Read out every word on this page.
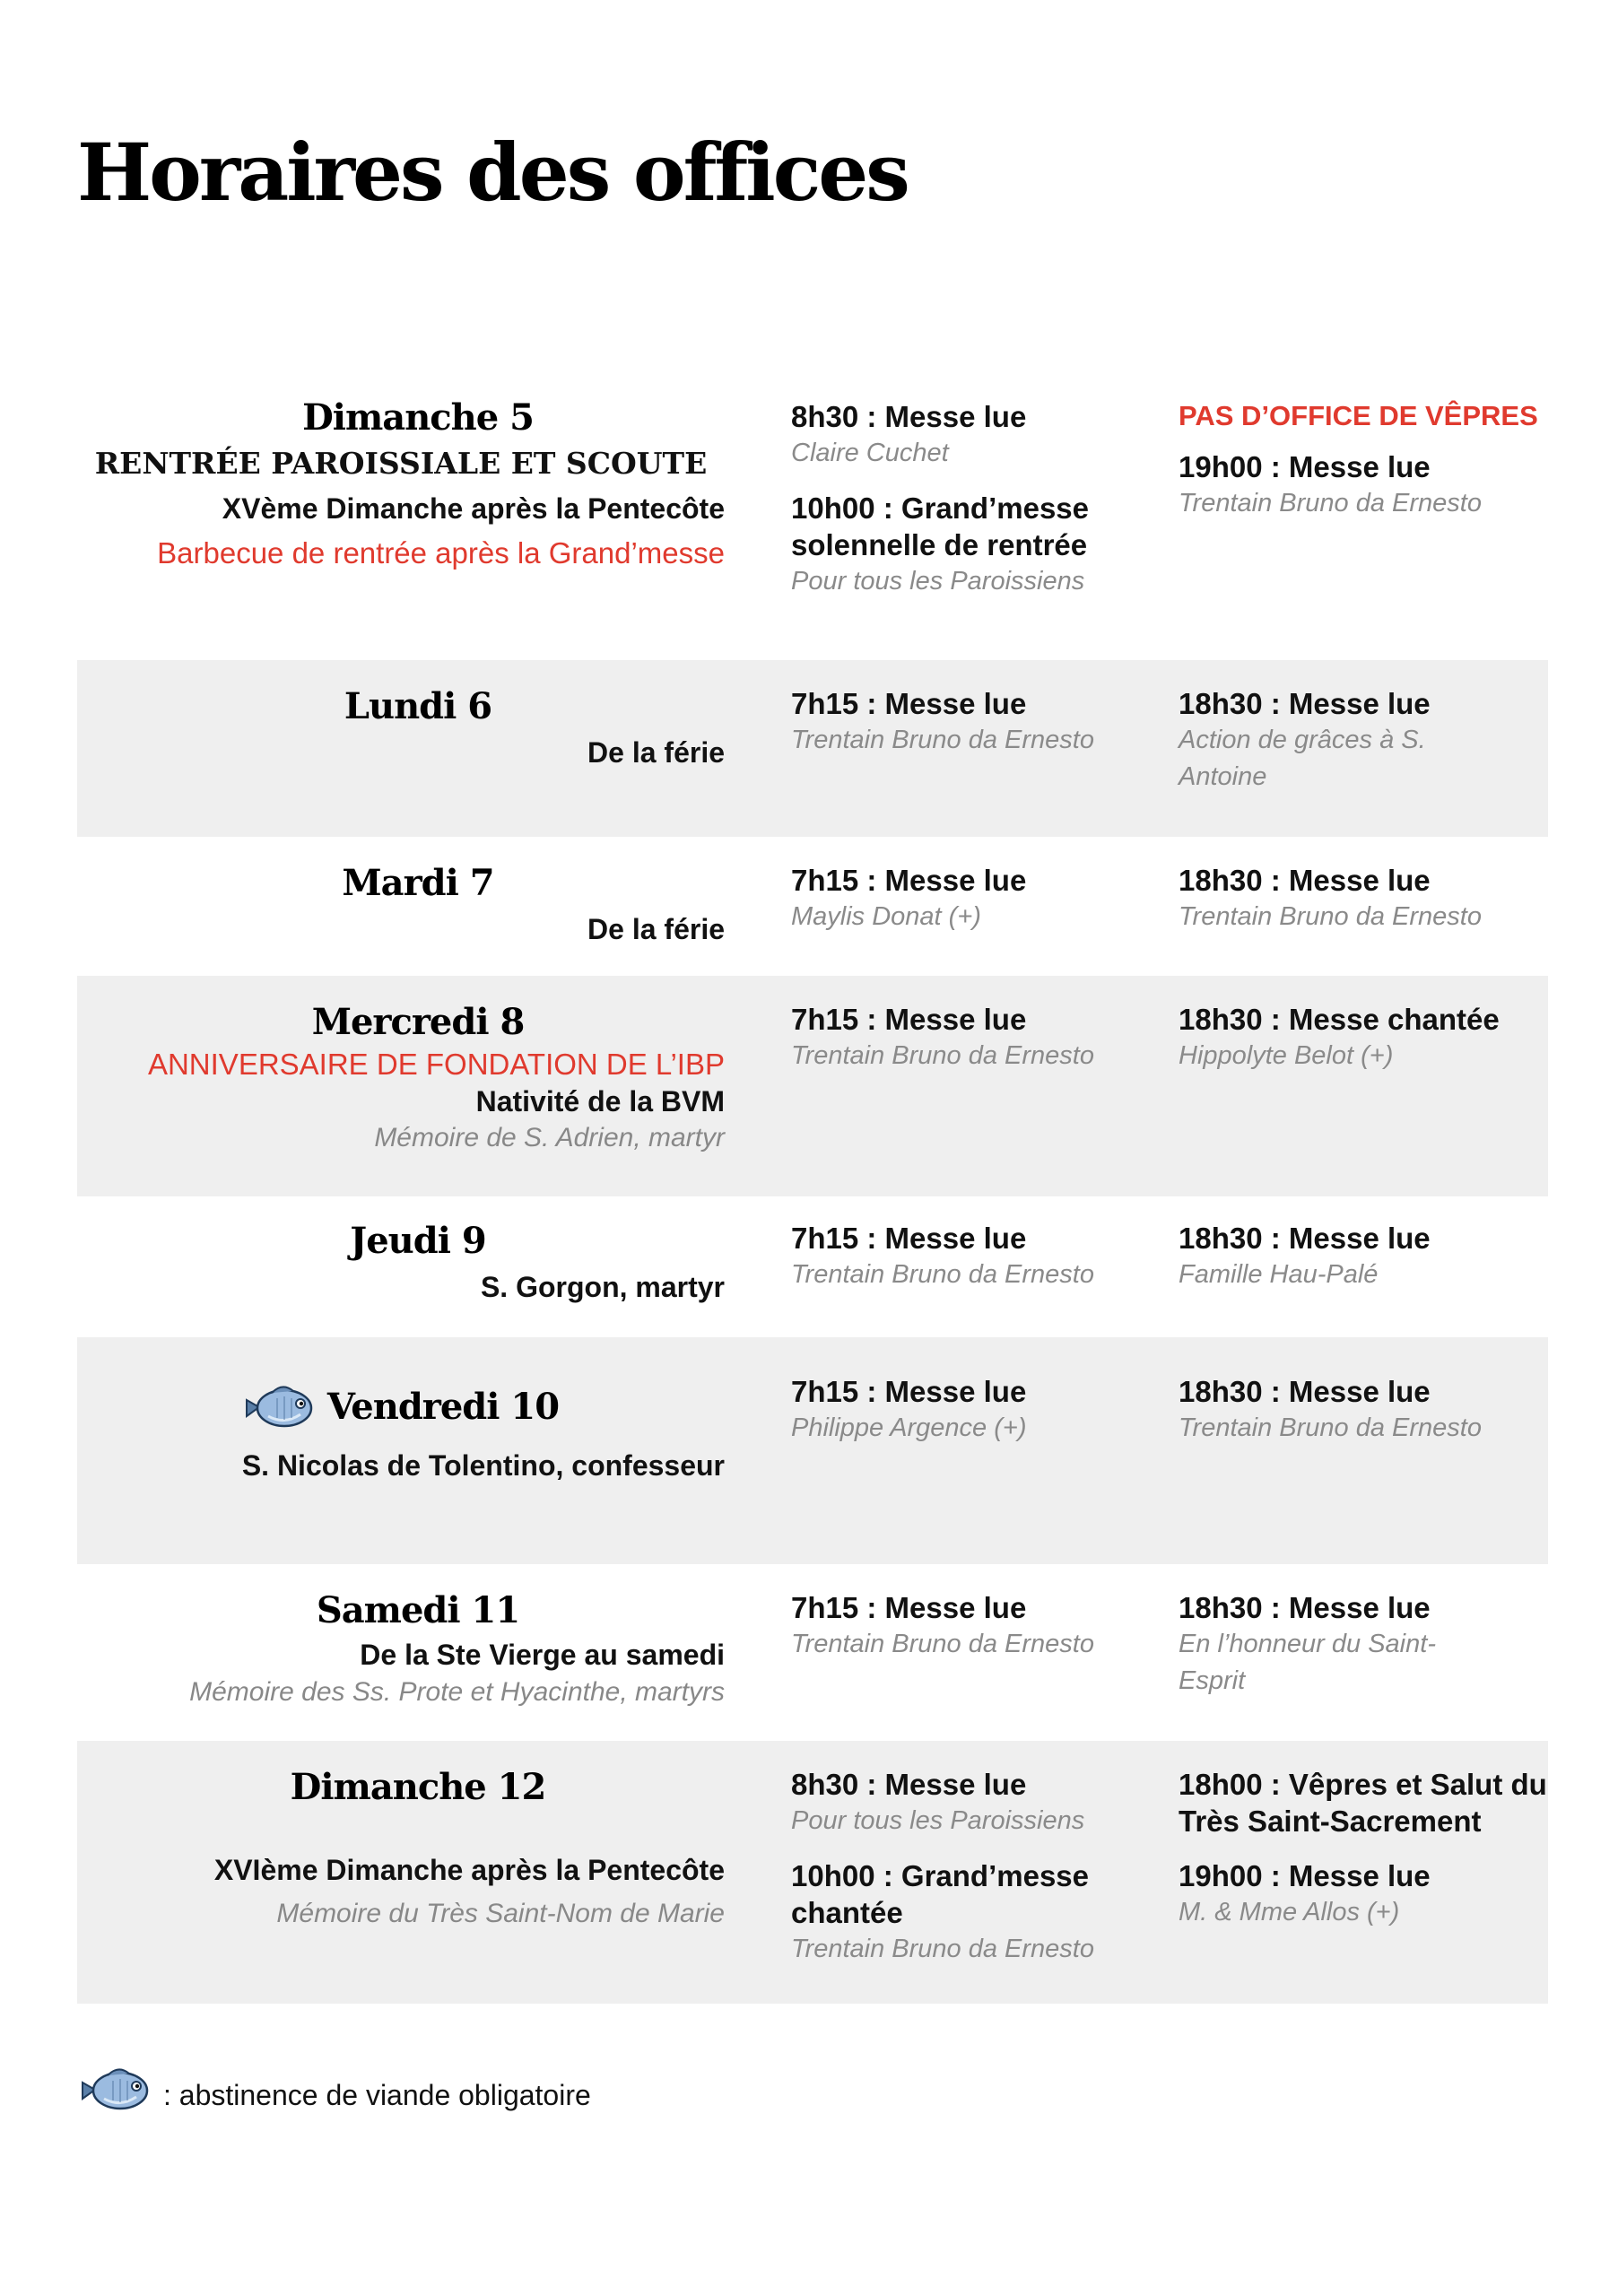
Horaires des offices
Dimanche 5
RENTRÉE PAROISSIALE ET SCOUTE
XVème Dimanche après la Pentecôte
Barbecue de rentrée après la Grand’messe
8h30 : Messe lue
Claire Cuchet
10h00 : Grand’messe
solennelle de rentrée
Pour tous les Paroissiens
PAS D’OFFICE DE VÊPRES
19h00 : Messe lue
Trentain Bruno da Ernesto
Lundi 6
De la férie
7h15 : Messe lue
Trentain Bruno da Ernesto
18h30 : Messe lue
Action de grâces à S.
Antoine
Mardi 7
De la férie
7h15 : Messe lue
Maylis Donat (+)
18h30 : Messe lue
Trentain Bruno da Ernesto
Mercredi 8
ANNIVERSAIRE DE FONDATION DE L’IBP
Nativité de la BVM
Mémoire de S. Adrien, martyr
7h15 : Messe lue
Trentain Bruno da Ernesto
18h30 : Messe chantée
Hippolyte Belot (+)
Jeudi 9
S. Gorgon, martyr
7h15 : Messe lue
Trentain Bruno da Ernesto
18h30 : Messe lue
Famille Hau-Palé
Vendredi 10
S. Nicolas de Tolentino, confesseur
7h15 : Messe lue
Philippe Argence (+)
18h30 : Messe lue
Trentain Bruno da Ernesto
Samedi 11
De la Ste Vierge au samedi
Mémoire des Ss. Prote et Hyacinthe, martyrs
7h15 : Messe lue
Trentain Bruno da Ernesto
18h30 : Messe lue
En l’honneur du Saint-
Esprit
Dimanche 12
XVIème Dimanche après la Pentecôte
Mémoire du Très Saint-Nom de Marie
8h30 : Messe lue
Pour tous les Paroissiens
10h00 : Grand’messe
chantée
Trentain Bruno da Ernesto
18h00 : Vêpres et Salut du
Très Saint-Sacrement
19h00 : Messe lue
M. & Mme Allos (+)
: abstinence de viande obligatoire
